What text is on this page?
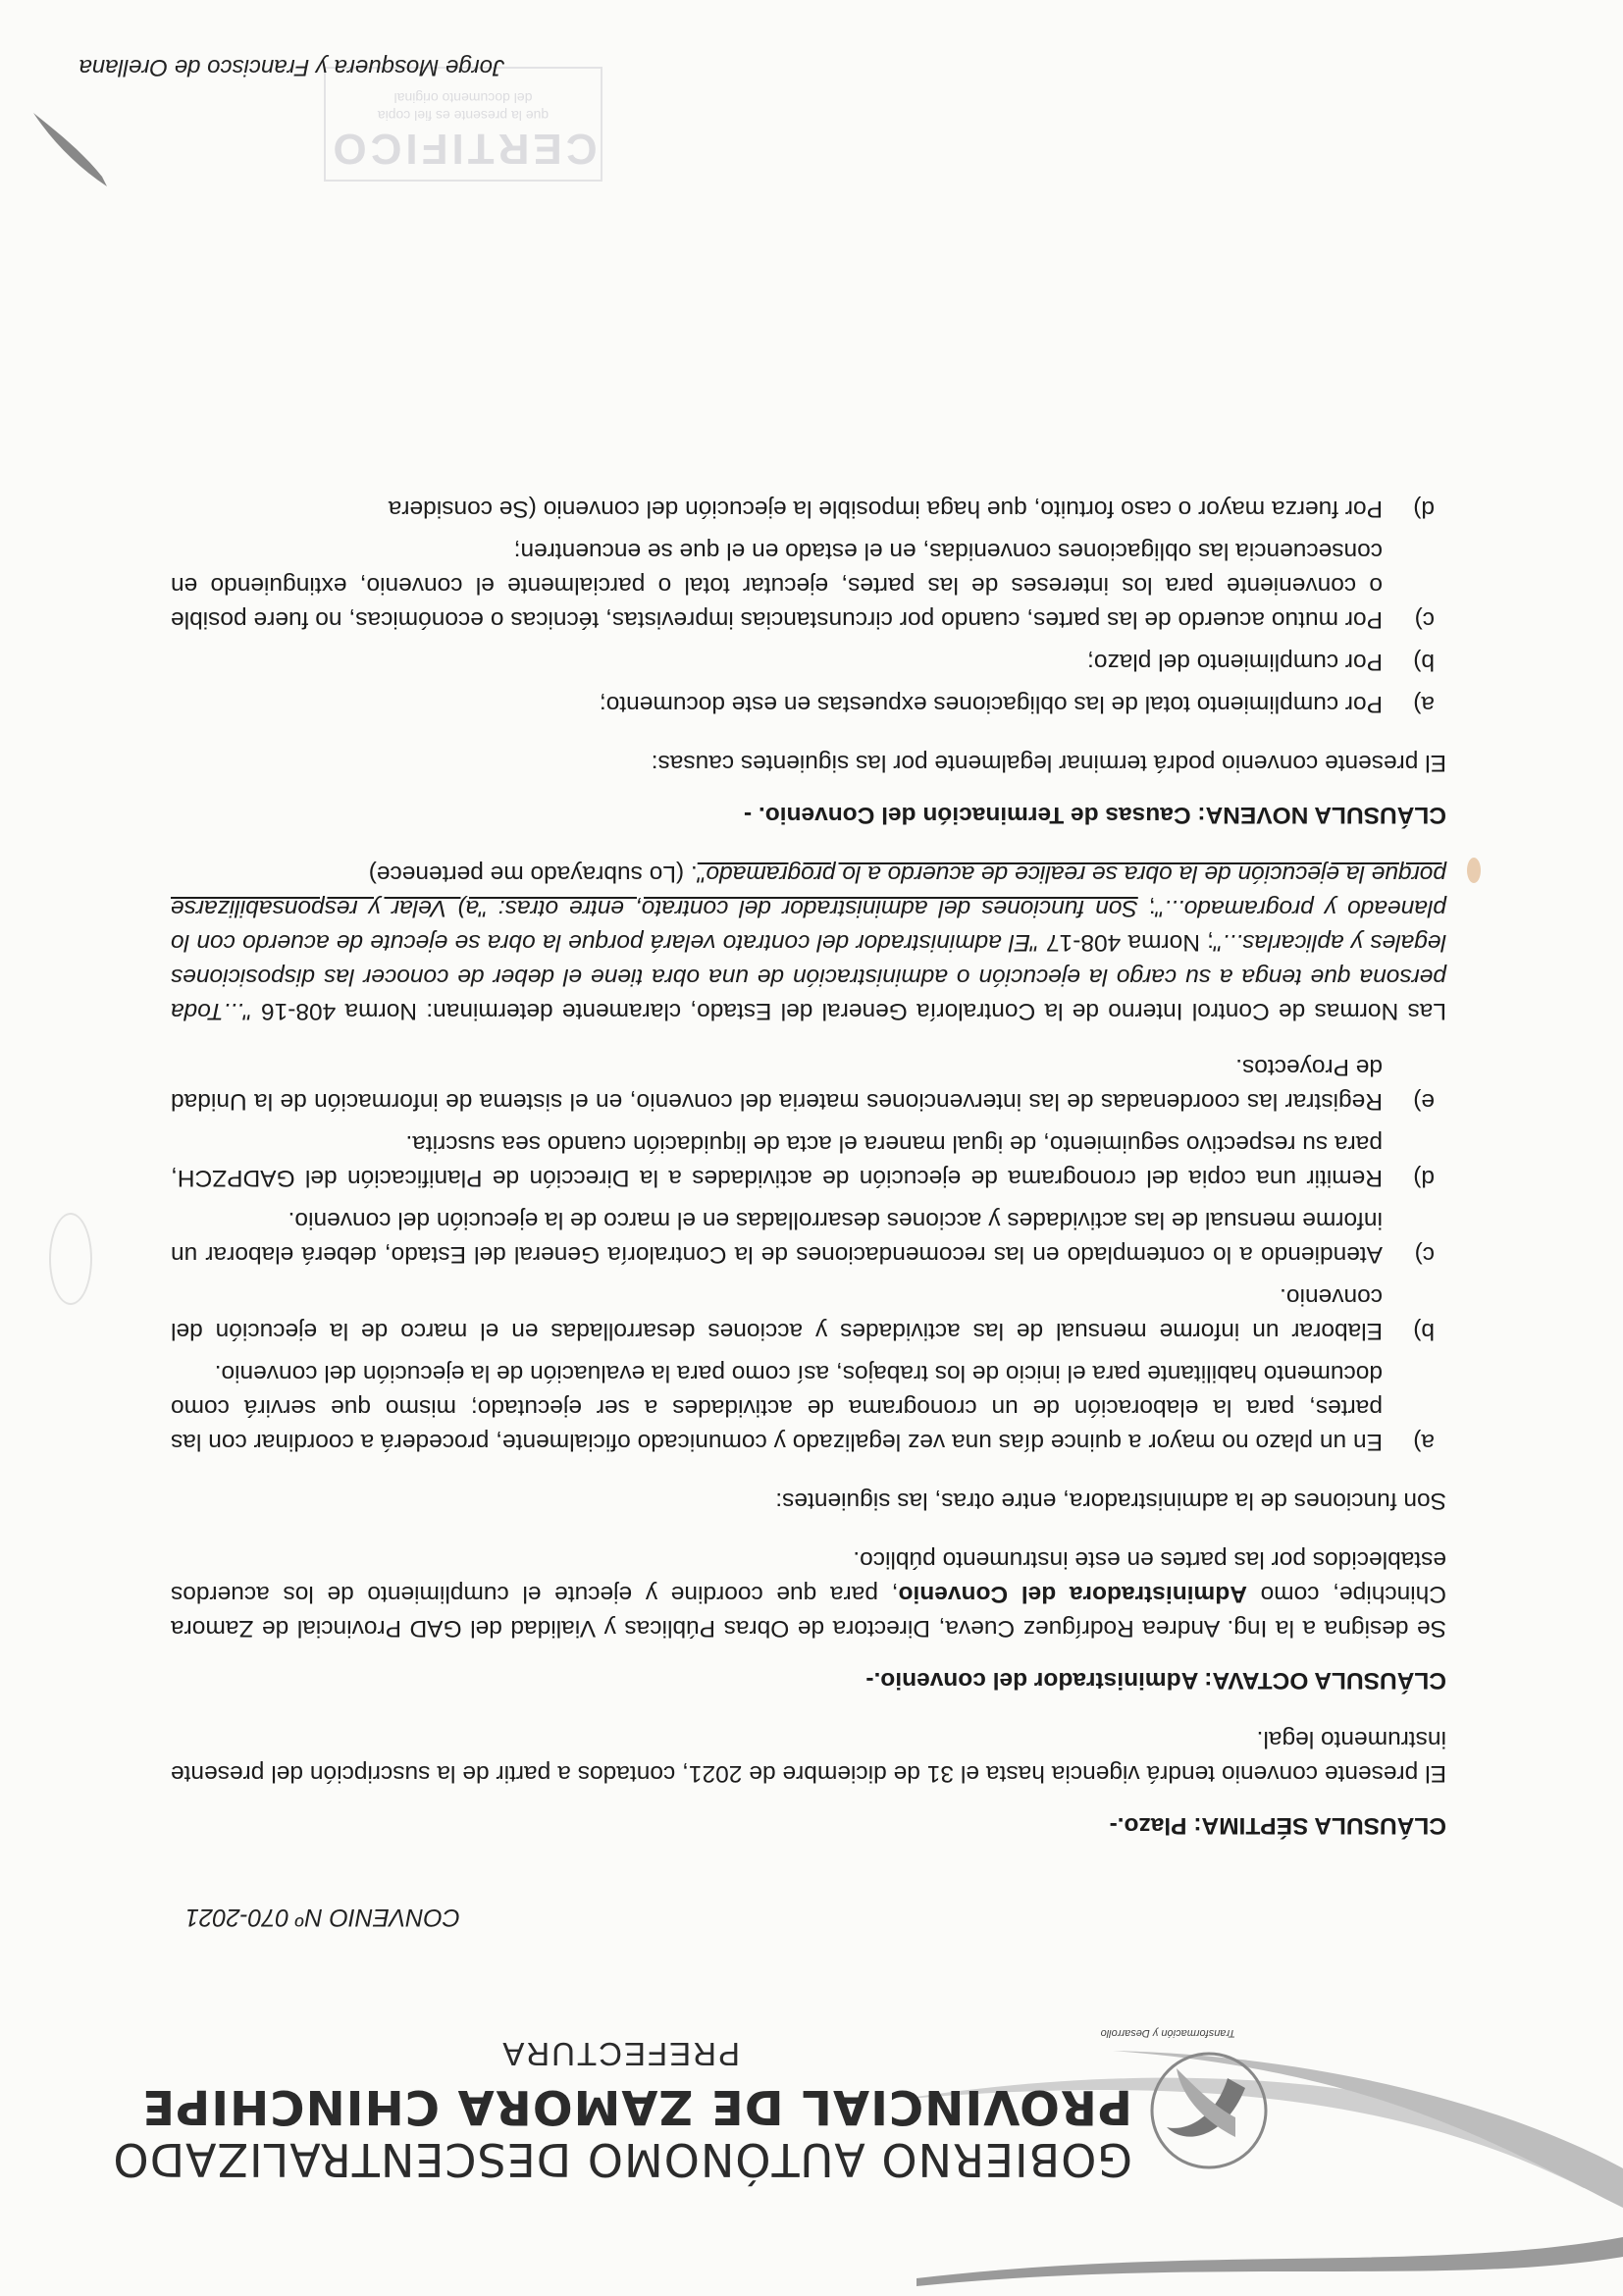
Transformación y Desarrollo
GOBIERNO AUTÓNOMO DESCENTRALIZADO
PROVINCIAL DE ZAMORA CHINCHIPE
PREFECTURA
CONVENIO Nº 070-2021
CLÁUSULA SÉPTIMA: Plazo.-

El presente convenio tendrá vigencia hasta el 31 de diciembre de 2021, contados a partir de la suscripción del presente instrumento legal.

CLÁUSULA OCTAVA: Administrador del convenio.-

Se designa a la Ing. Andrea Rodríguez Cueva, Directora de Obras Públicas y Vialidad del GAD Provincial de Zamora Chinchipe, como Administradora del Convenio, para que coordine y ejecute el cumplimiento de los acuerdos establecidos por las partes en este instrumento público.

Son funciones de la administradora, entre otras, las siguientes:

a)
En un plazo no mayor a quince días una vez legalizado y comunicado oficialmente, procederá a coordinar con las partes, para la elaboración de un cronograma de actividades a ser ejecutado; mismo que servirá como documento habilitante para el inicio de los trabajos, así como para la evaluación de la ejecución del convenio.
b)
Elaborar un informe mensual de las actividades y acciones desarrolladas en el marco de la ejecución del convenio.
c)
Atendiendo a lo contemplado en las recomendaciones de la Contraloría General del Estado, deberá elaborar un informe mensual de las actividades y acciones desarrolladas en el marco de la ejecución del convenio.
d)
Remitir una copia del cronograma de ejecución de actividades a la Dirección de Planificación del GADPZCH, para su respectivo seguimiento, de igual manera el acta de liquidación cuando sea suscrita.
e)
Registrar las coordenadas de las intervenciones materia del convenio, en el sistema de información de la Unidad de Proyectos.

Las Normas de Control Interno de la Contraloría General del Estado, claramente determinan: Norma 408-16 "...Toda persona que tenga a su cargo la ejecución o administración de una obra tiene el deber de conocer las disposiciones legales y aplicarlas..."; Norma 408-17 "El administrador del contrato velará porque la obra se ejecute de acuerdo con lo planeado y programado..."; Son funciones del administrador del contrato, entre otras: "a) Velar y responsabilizarse porque la ejecución de la obra se realice de acuerdo a lo programado". (Lo subrayado me pertenece)

CLÁUSULA NOVENA: Causas de Terminación del Convenio. -

El presente convenio podrá terminar legalmente por las siguientes causas:

a)
Por cumplimiento total de las obligaciones expuestas en este documento;
b)
Por cumplimiento del plazo;
c)
Por mutuo acuerdo de las partes, cuando por circunstancias imprevistas, técnicas o económicas, no fuere posible o conveniente para los intereses de las partes, ejecutar total o parcialmente el convenio, extinguiendo en consecuencia las obligaciones convenidas, en el estado en el que se encuentren;
d)
Por fuerza mayor o caso fortuito, que haga imposible la ejecución del convenio (Se considera
CERTIFICO
que la presente es fiel copia
del documento original
Jorge Mosquera y Francisco de Orellana
